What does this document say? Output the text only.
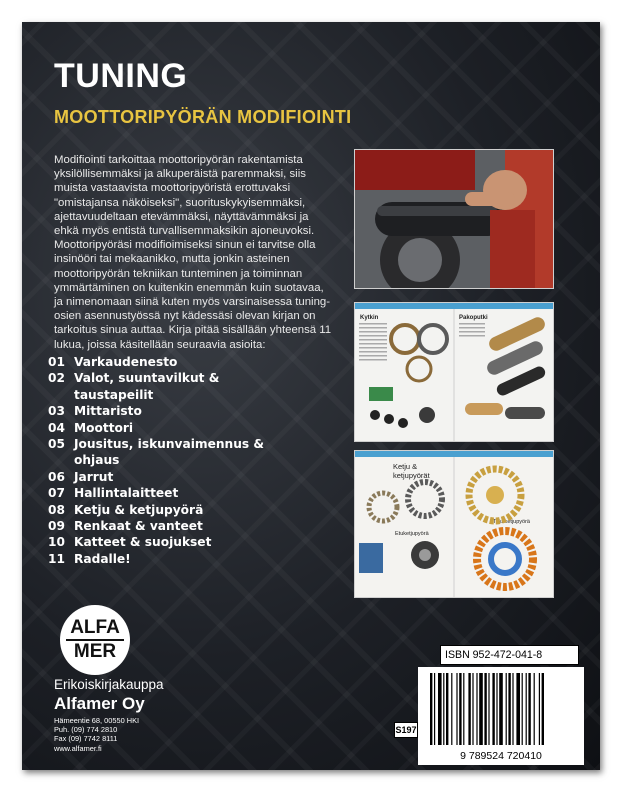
TUNING
MOOTTORIPYÖRÄN MODIFIOINTI
Modifiointi tarkoittaa moottoripyörän rakentamista
yksilöllisemmäksi ja alkuperäistä paremmaksi, siis
muista vastaavista moottoripyöristä erottuvaksi
"omistajansa näköiseksi", suorituskykyisemmäksi,
ajettavuudeltaan etevämmäksi, näyttävämmäksi ja
ehkä myös entistä turvallisemmaksikin ajoneuvoksi.
Moottoripyöräsi modifioimiseksi sinun ei tarvitse olla
insinööri tai mekaanikko, mutta jonkin asteinen
moottoripyörän tekniikan tunteminen ja toiminnan
ymmärtäminen on kuitenkin enemmän kuin suotavaa,
ja nimenomaan siinä kuten myös varsinaisessa tuning-
osien asennustyössä nyt kädessäsi olevan kirjan on
tarkoitus sinua auttaa. Kirja pitää sisällään yhteensä 11
lukua, joissa käsitellään seuraavia asioita:
01 Varkaudenesto
02 Valot, suuntavilkut &
taustapeilit
03 Mittaristo
04 Moottori
05 Jousitus, iskunvaimennus &
ohjaus
06 Jarrut
07 Hallintalaitteet
08 Ketju & ketjupyörä
09 Renkaat & vanteet
10 Katteet & suojukset
11 Radalle!
Kytkin	Pakoputki
Ketju &
ketjupyörät
Etuketjupyörä
Takaketjupyörä
ALFA
MER
Erikoiskirjakauppa
Alfamer Oy
Hämeentie 68, 00550 HKI
Puh. (09) 774 2810
Fax (09) 7742 8111
www.alfamer.fi
ISBN 952-472-041-8
S197
9 789524 720410
